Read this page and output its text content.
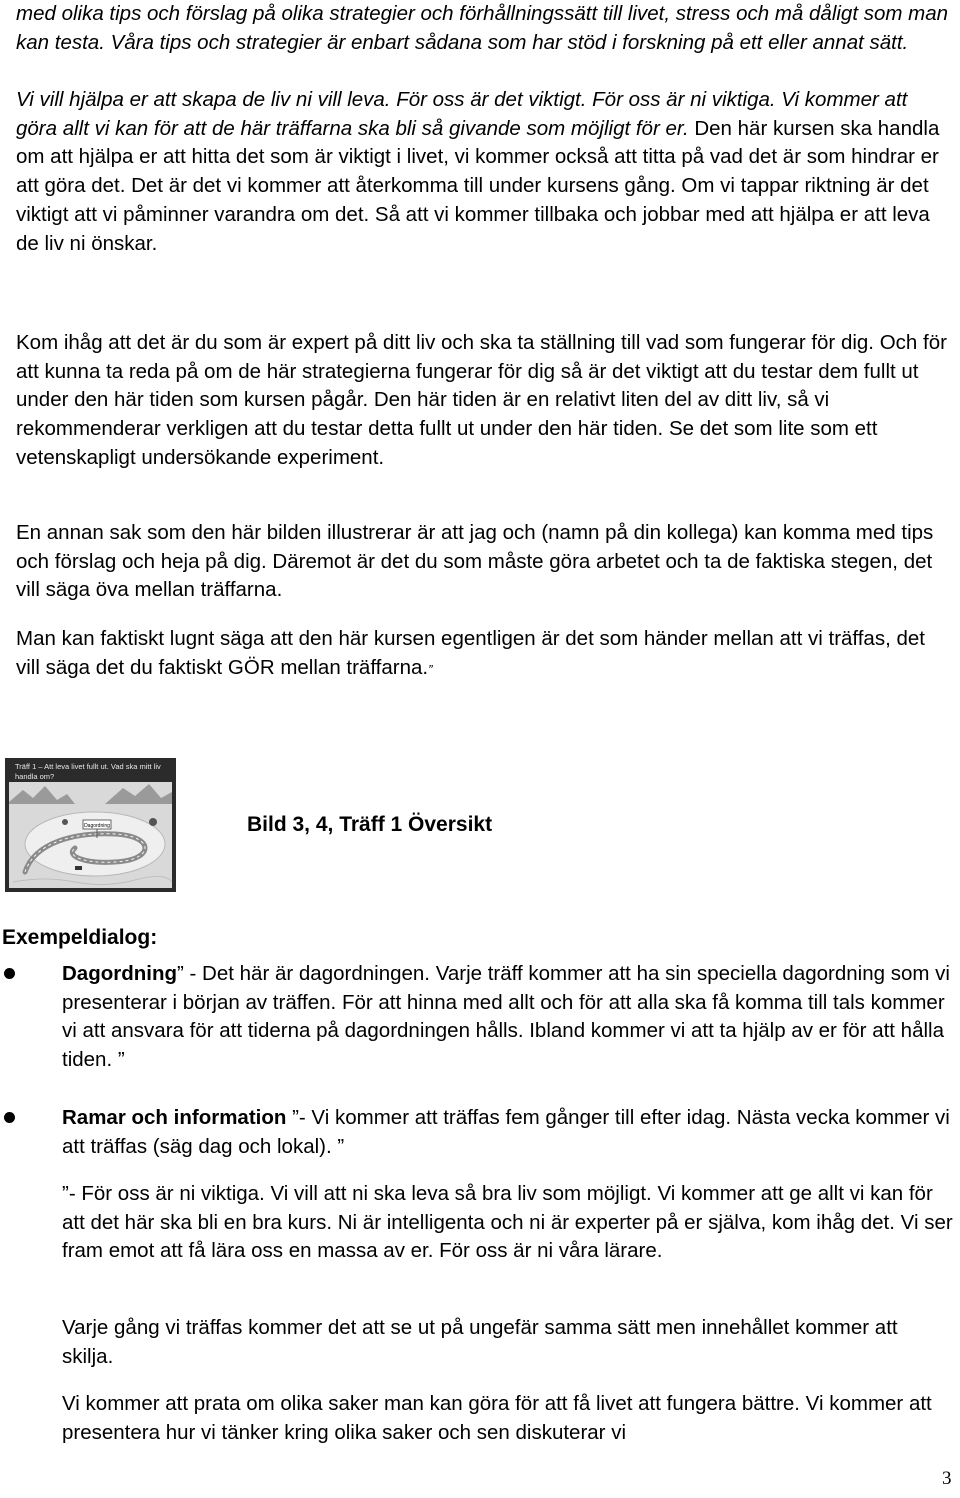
med olika tips och förslag på olika strategier och förhållningssätt till livet, stress och må dåligt som man kan testa. Våra tips och strategier är enbart sådana som har stöd i forskning på ett eller annat sätt.

Vi vill hjälpa er att skapa de liv ni vill leva. För oss är det viktigt. För oss är ni viktiga. Vi kommer att göra allt vi kan för att de här träffarna ska bli så givande som möjligt för er. Den här kursen ska handla om att hjälpa er att hitta det som är viktigt i livet, vi kommer också att titta på vad det är som hindrar er att göra det. Det är det vi kommer att återkomma till under kursens gång. Om vi tappar riktning är det viktigt att vi påminner varandra om det. Så att vi kommer tillbaka och jobbar med att hjälpa er att leva de liv ni önskar.

Kom ihåg att det är du som är expert på ditt liv och ska ta ställning till vad som fungerar för dig. Och för att kunna ta reda på om de här strategierna fungerar för dig så är det viktigt att du testar dem fullt ut under den här tiden som kursen pågår. Den här tiden är en relativt liten del av ditt liv, så vi rekommenderar verkligen att du testar detta fullt ut under den här tiden. Se det som lite som ett vetenskapligt undersökande experiment.

En annan sak som den här bilden illustrerar är att jag och (namn på din kollega) kan komma med tips och förslag och heja på dig. Däremot är det du som måste göra arbetet och ta de faktiska stegen, det vill säga öva mellan träffarna.

Man kan faktiskt lugnt säga att den här kursen egentligen är det som händer mellan att vi träffas, det vill säga det du faktiskt GÖR mellan träffarna.”

Träff 1 – Att leva livet fullt ut. Vad ska mitt liv handla om?
Dagordning	Bild 3, 4, Träff 1 Översikt
Exempeldialog:

Dagordning” - Det här är dagordningen. Varje träff kommer att ha sin speciella dagordning som vi presenterar i början av träffen. För att hinna med allt och för att alla ska få komma till tals kommer vi att ansvara för att tiderna på dagordningen hålls. Ibland kommer vi att ta hjälp av er för att hålla tiden. ”

Ramar och information ”- Vi kommer att träffas fem gånger till efter idag. Nästa vecka kommer vi att träffas (säg dag och lokal). ”

”- För oss är ni viktiga. Vi vill att ni ska leva så bra liv som möjligt. Vi kommer att ge allt vi kan för att det här ska bli en bra kurs. Ni är intelligenta och ni är experter på er själva, kom ihåg det. Vi ser fram emot att få lära oss en massa av er. För oss är ni våra lärare.

Varje gång vi träffas kommer det att se ut på ungefär samma sätt men innehållet kommer att skilja.

Vi kommer att prata om olika saker man kan göra för att få livet att fungera bättre. Vi kommer att presentera hur vi tänker kring olika saker och sen diskuterar vi

3
